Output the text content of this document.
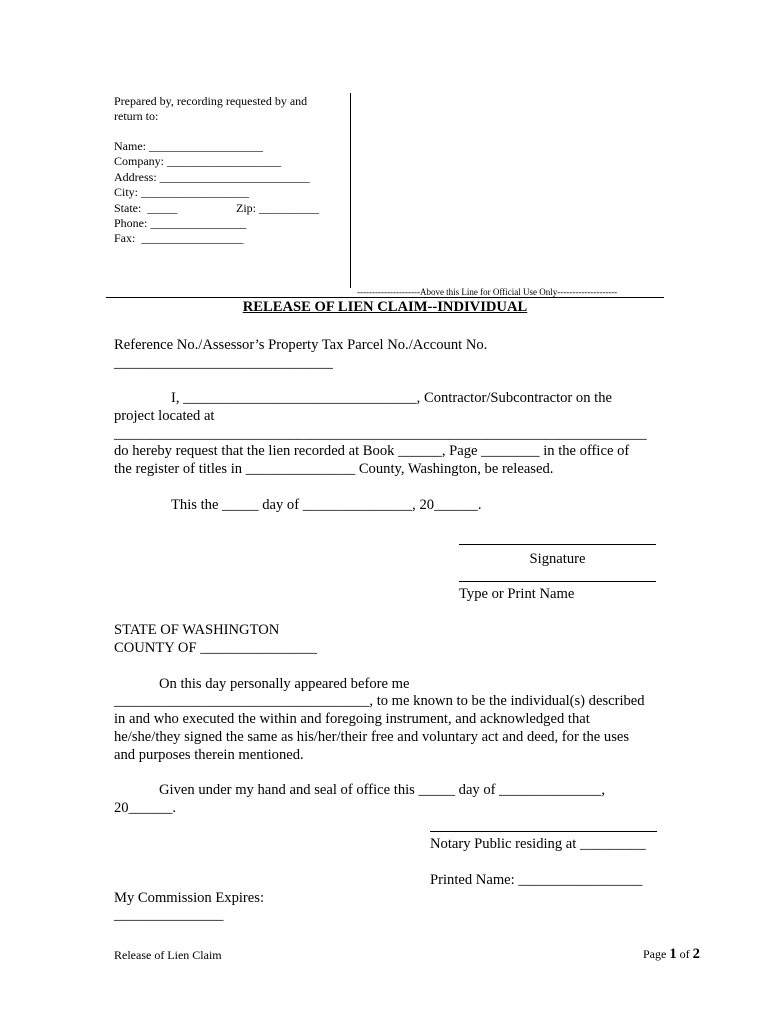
Prepared by, recording requested by and
return to:
Name: ___________________
Company: ___________________
Address: _________________________
City: __________________
State:  _____	Zip: __________
Phone: ________________
Fax:  _________________
---------------------Above this Line for Official Use Only--------------------
RELEASE OF LIEN CLAIM--INDIVIDUAL
Reference No./Assessor’s Property Tax Parcel No./Account No.
______________________________
I, ________________________________, Contractor/Subcontractor on the
project located at
_________________________________________________________________________
do hereby request that the lien recorded at Book ______, Page ________ in the office of
the register of titles in _______________ County, Washington, be released.
This the _____ day of _______________, 20______.
Signature
Type or Print Name
STATE OF WASHINGTON
COUNTY OF ________________
On this day personally appeared before me
___________________________________, to me known to be the individual(s) described
in and who executed the within and foregoing instrument, and acknowledged that
he/she/they signed the same as his/her/their free and voluntary act and deed, for the uses
and purposes therein mentioned.
Given under my hand and seal of office this _____ day of ______________,
20______.
Notary Public residing at _________
Printed Name: _________________
My Commission Expires:
_______________
Release of Lien Claim	Page 1 of 2
